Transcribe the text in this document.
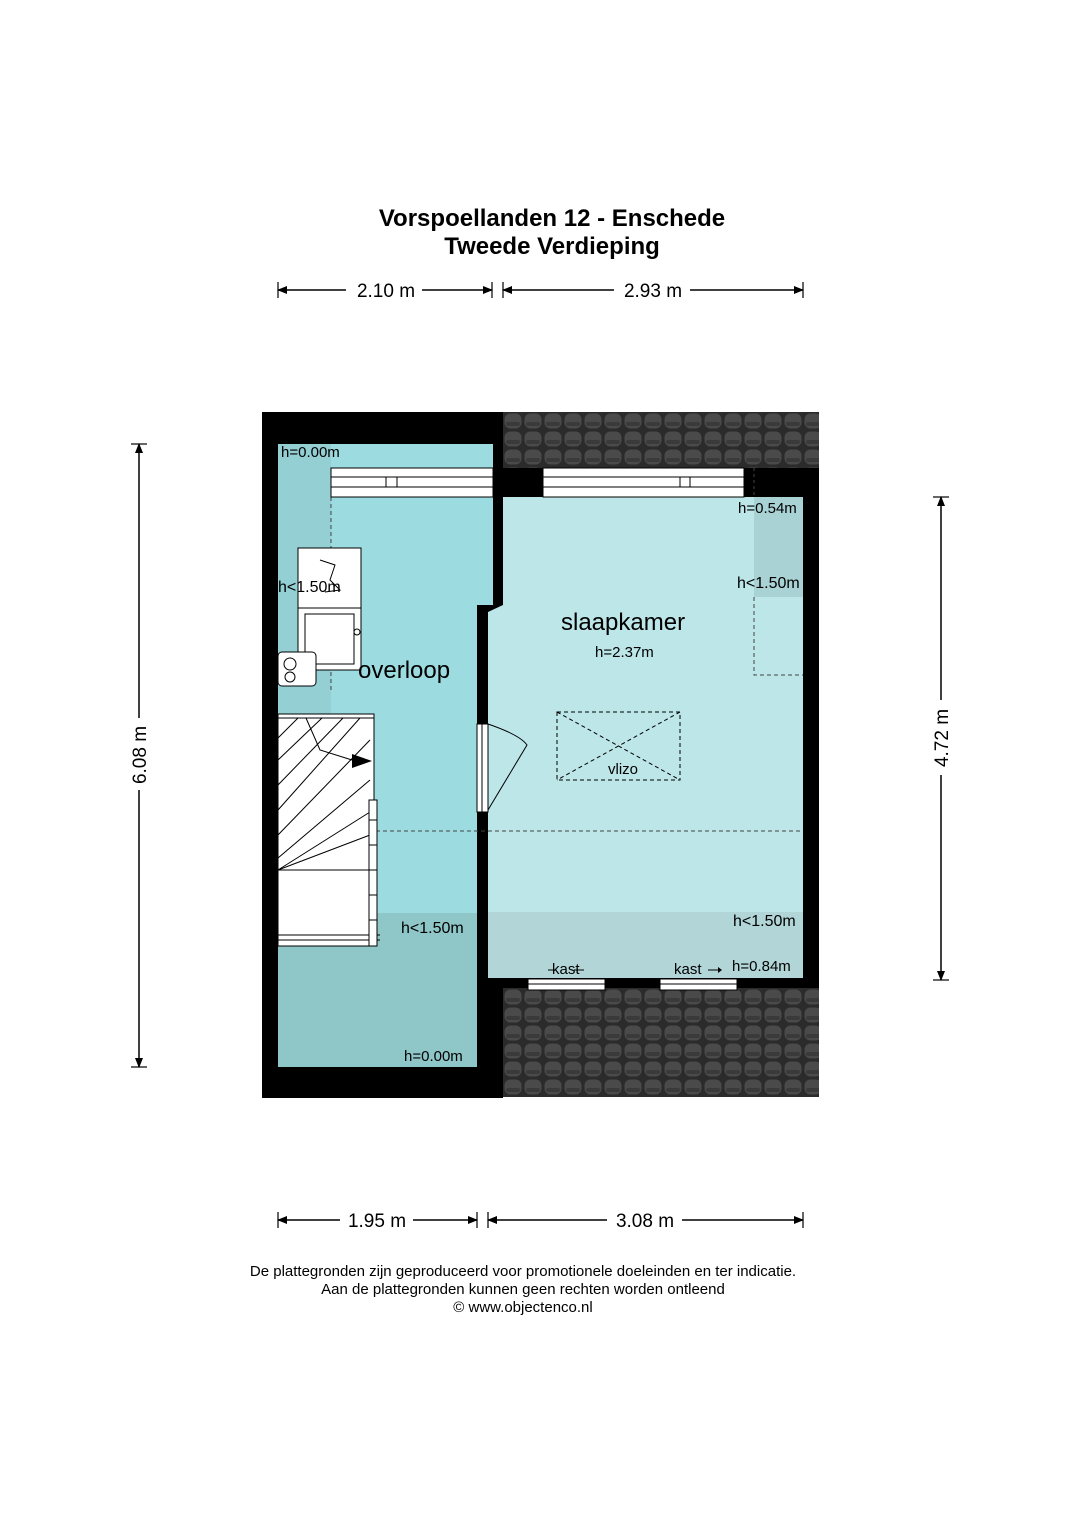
Vorspoellanden 12 - Enschede
Tweede Verdieping
2.10 m	2.93 m
6.08 m	4.72 m
h=0.00m
h<1.50m
overloop
h<1.50m
h=0.00m
h=0.54m
h<1.50m
slaapkamer
h=2.37m
vlizo
h<1.50m
h=0.84m
kast	kast
1.95 m	3.08 m
De plattegronden zijn geproduceerd voor promotionele doeleinden en ter indicatie.
Aan de plattegronden kunnen geen rechten worden ontleend
© www.objectenco.nl
